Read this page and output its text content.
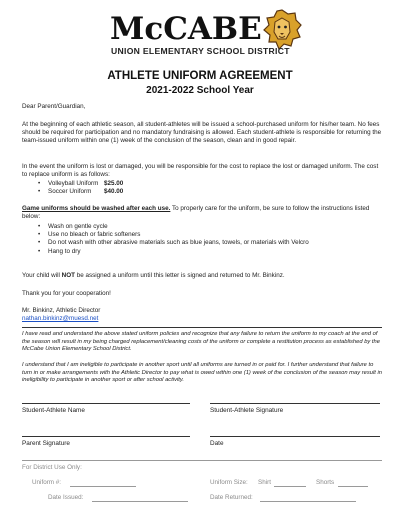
McCABE
UNION ELEMENTARY SCHOOL DISTRICT
ATHLETE UNIFORM AGREEMENT
2021-2022 School Year
Dear Parent/Guardian,
At the beginning of each athletic season, all student-athletes will be issued a school-purchased uniform for his/her team. No fees should be required for participation and no mandatory fundraising is allowed. Each student-athlete is responsible for returning the team-issued uniform within one (1) week of the conclusion of the season, clean and in good repair.
In the event the uniform is lost or damaged, you will be responsible for the cost to replace the lost or damaged uniform. The cost to replace uniform is as follows:
• Volleyball Uniform $25.00
• Soccer Uniform $40.00
Game uniforms should be washed after each use. To properly care for the uniform, be sure to follow the instructions listed below:
• Wash on gentle cycle
• Use no bleach or fabric softeners
• Do not wash with other abrasive materials such as blue jeans, towels, or materials with Velcro
• Hang to dry
Your child will NOT be assigned a uniform until this letter is signed and returned to Mr. Binkinz.
Thank you for your cooperation!
Mr. Binkinz, Athletic Director
nathan.binkinz@muesd.net
I have read and understand the above stated uniform policies and recognize that any failure to return the uniform to my coach at the end of the season will result in my being charged replacement/cleaning costs of the uniform or complete a restitution process as established by the McCabe Union Elementary School District.
I understand that I am ineligible to participate in another sport until all uniforms are turned in or paid for. I further understand that failure to turn in or make arrangements with the Athletic Director to pay what is owed within one (1) week of the conclusion of the season may result in ineligibility to participate in another sport or after school activity.
Student-Athlete Name	Student-Athlete Signature
Parent Signature	Date
For District Use Only:
Uniform #:	Uniform Size: Shirt	Shorts
Date Issued:	Date Returned:
